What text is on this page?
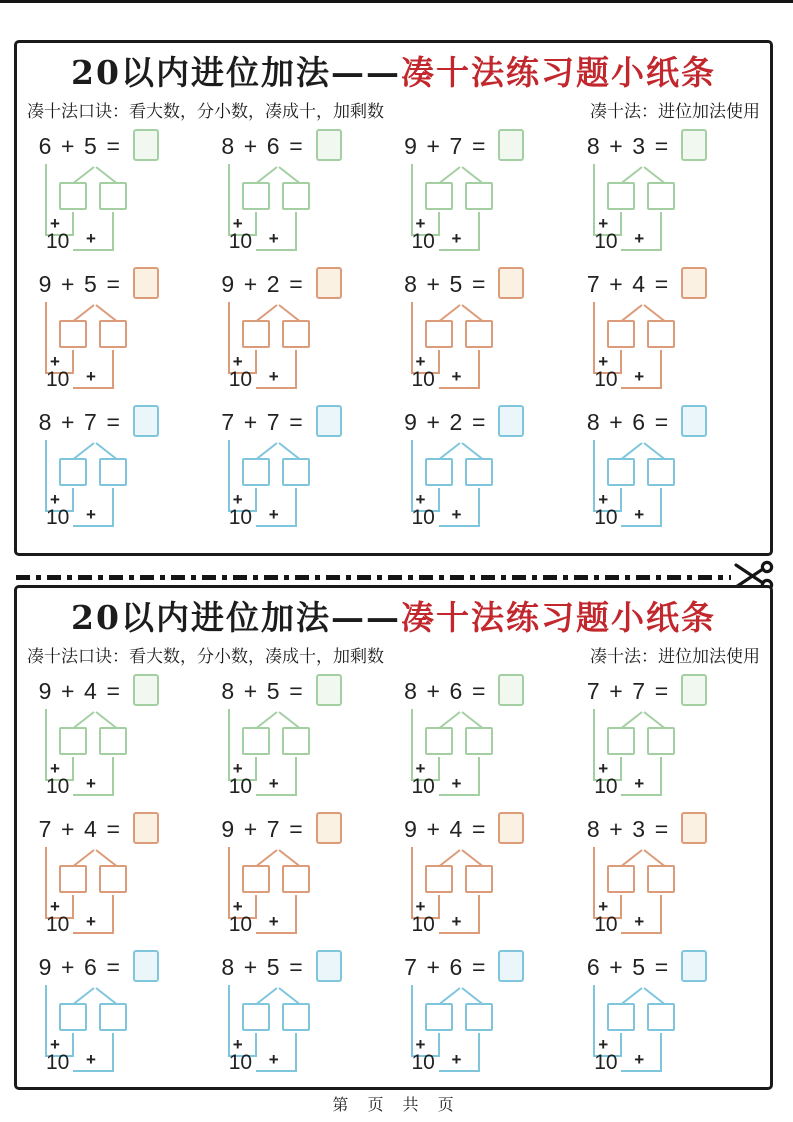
20以内进位加法——凑十法练习题小纸条
凑十法口诀：看大数，分小数，凑成十，加剩数	凑十法：进位加法使用
6 + 5 =
+
10 +
8 + 6 =
+
10 +
9 + 7 =
+
10 +
8 + 3 =
+
10 +
9 + 5 =
+
10 +
9 + 2 =
+
10 +
8 + 5 =
+
10 +
7 + 4 =
+
10 +
8 + 7 =
+
10 +
7 + 7 =
+
10 +
9 + 2 =
+
10 +
8 + 6 =
+
10 +
20以内进位加法——凑十法练习题小纸条
凑十法口诀：看大数，分小数，凑成十，加剩数	凑十法：进位加法使用
9 + 4 =
+
10 +
8 + 5 =
+
10 +
8 + 6 =
+
10 +
7 + 7 =
+
10 +
7 + 4 =
+
10 +
9 + 7 =
+
10 +
9 + 4 =
+
10 +
8 + 3 =
+
10 +
9 + 6 =
+
10 +
8 + 5 =
+
10 +
7 + 6 =
+
10 +
6 + 5 =
+
10 +
第 页 共 页
